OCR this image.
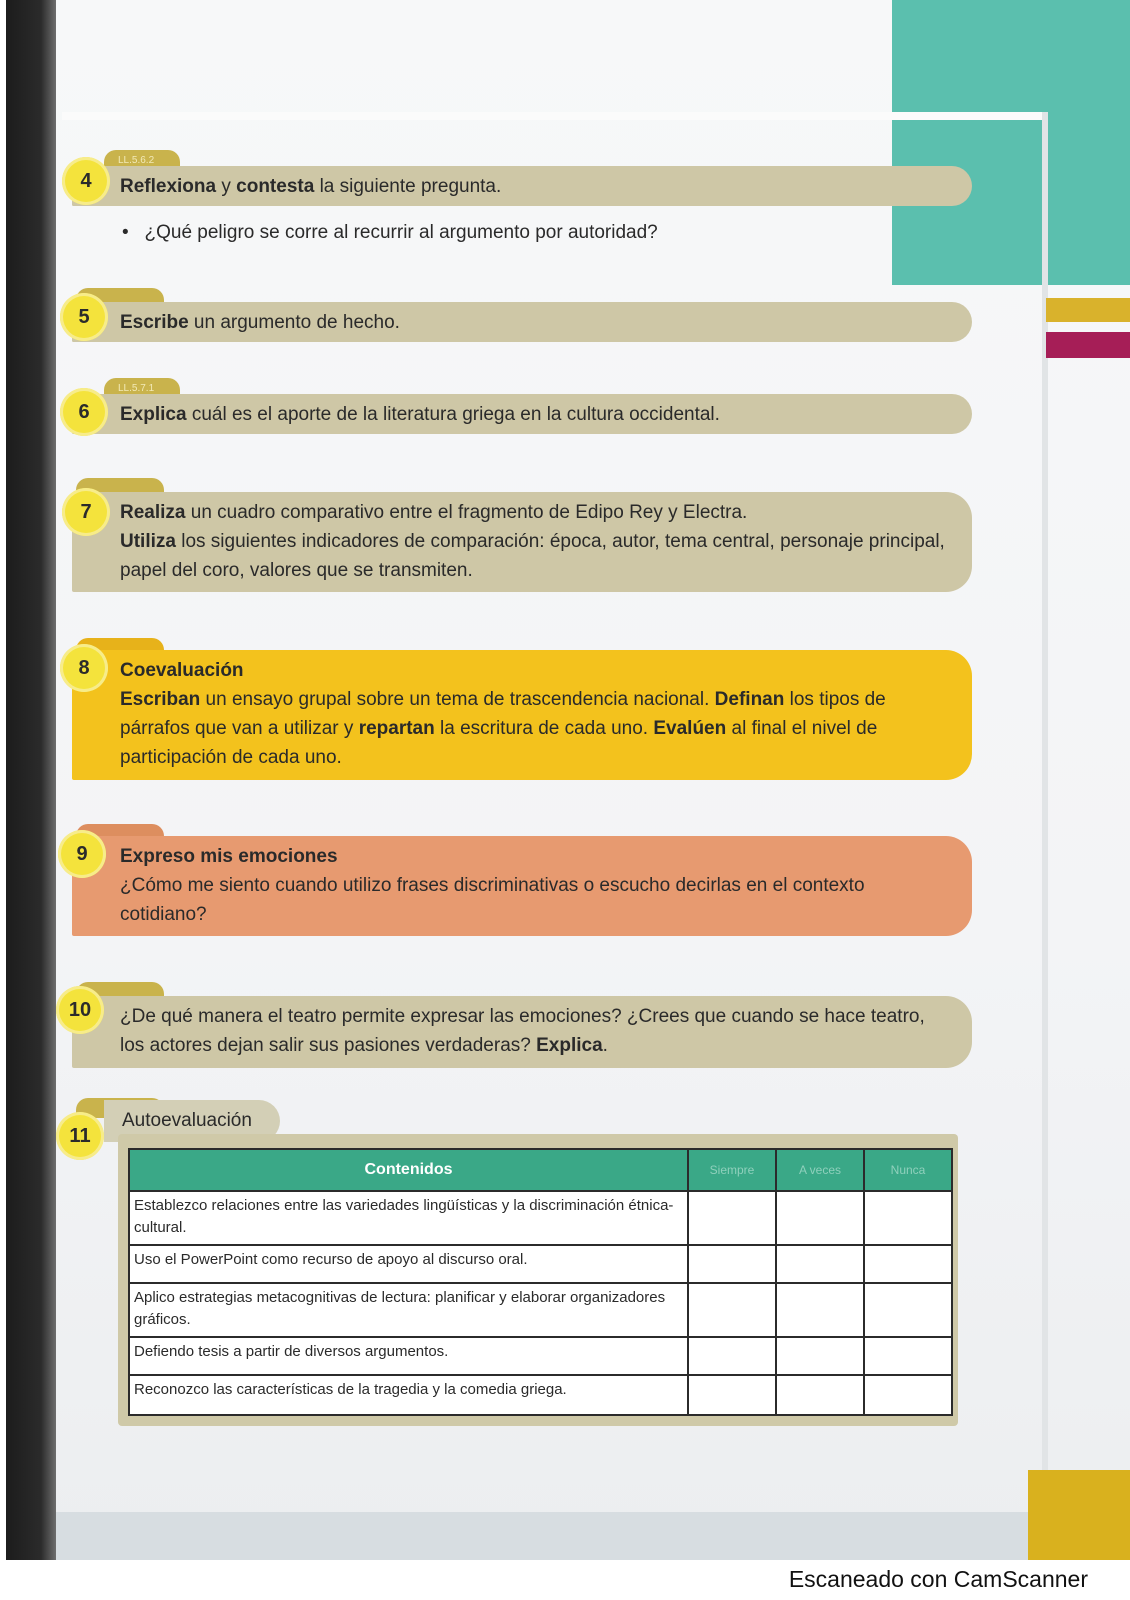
LL.5.6.2
Reflexiona y contesta la siguiente pregunta.
4
•   ¿Qué peligro se corre al recurrir al argumento por autoridad?
Escribe un argumento de hecho.
5
LL.5.7.1
Explica cuál es el aporte de la literatura griega en la cultura occidental.
6
Realiza un cuadro comparativo entre el fragmento de Edipo Rey y Electra.
Utiliza los siguientes indicadores de comparación: época, autor, tema central, personaje principal, papel del coro, valores que se transmiten.
7
Coevaluación
Escriban un ensayo grupal sobre un tema de trascendencia nacional. Definan los tipos de párrafos que van a utilizar y repartan la escritura de cada uno. Evalúen al final el nivel de participación de cada uno.
8
Expreso mis emociones
¿Cómo me siento cuando utilizo frases discriminativas o escucho decirlas en el contexto cotidiano?
9
¿De qué manera el teatro permite expresar las emociones? ¿Crees que cuando se hace teatro, los actores dejan salir sus pasiones verdaderas? Explica.
10
Autoevaluación
11
Contenidos	Siempre	A veces	Nunca
Establezco relaciones entre las variedades lingüísticas y la discriminación étnica-cultural.			
Uso el PowerPoint como recurso de apoyo al discurso oral.			
Aplico estrategias metacognitivas de lectura: planificar y elaborar organizadores gráficos.			
Defiendo tesis a partir de diversos argumentos.			
Reconozco las características de la tragedia y la comedia griega.			
Escaneado con CamScanner
